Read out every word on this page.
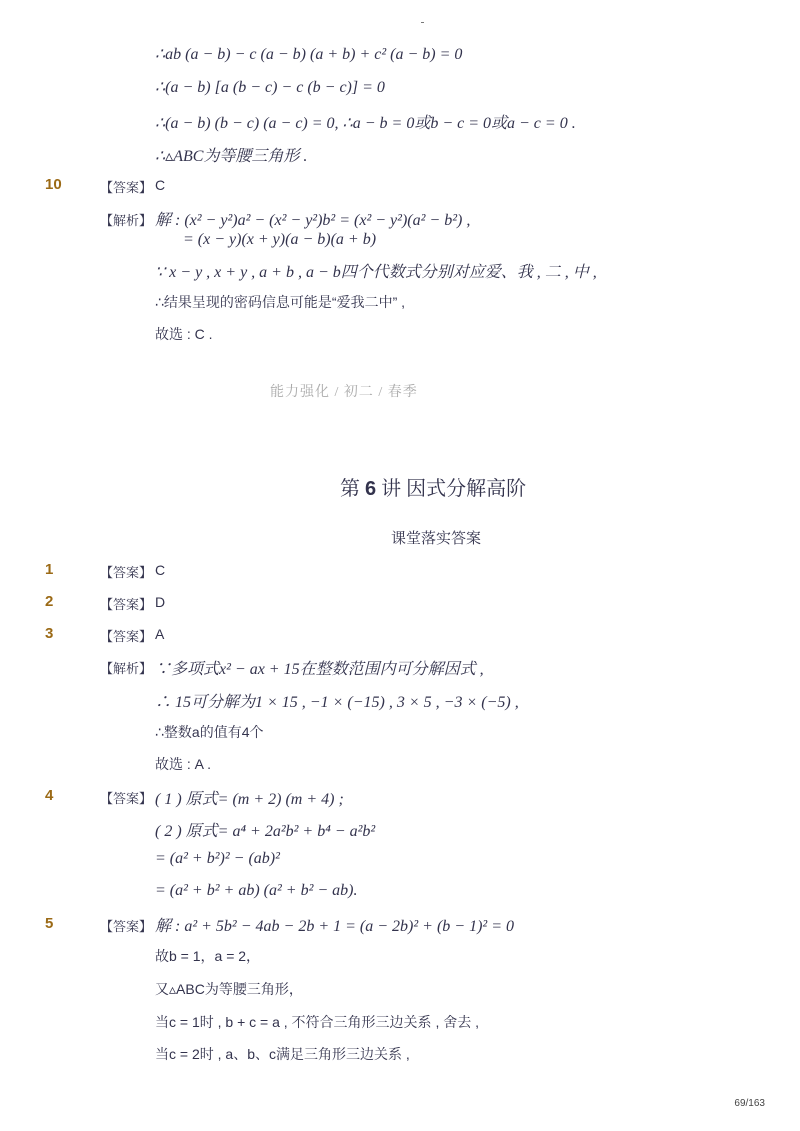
∴ab (a − b) − c (a − b) (a + b) + c² (a − b) = 0
∴(a − b) [a (b − c) − c (b − c)] = 0
∴(a − b) (b − c) (a − c) = 0, ∴a − b = 0或b − c = 0或a − c = 0 .
∴▵ABC为等腰三角形 .
10	【答案】 C
【解析】 解 : (x² − y²)a² − (x² − y²)b² = (x² − y²)(a² − b²) ,
= (x − y)(x + y)(a − b)(a + b)
∵ x − y , x + y , a + b , a − b四个代数式分别对应爱、我 , 二 , 中 ,
∴结果呈现的密码信息可能是“爱我二中” ,
故选 : C .
能力强化 / 初二 / 春季
第 6 讲 因式分解高阶
课堂落实答案
1	【答案】 C
2	【答案】 D
3	【答案】 A
【解析】 ∵多项式x² − ax + 15在整数范围内可分解因式 ,
∴ 15可分解为1 × 15 , −1 × (−15) , 3 × 5 , −3 × (−5) ,
∴整数a的值有4个
故选 : A .
4	【答案】 ( 1 ) 原式= (m + 2) (m + 4) ;
( 2 ) 原式= a⁴ + 2a²b² + b⁴ − a²b²
= (a² + b²)² − (ab)²
= (a² + b² + ab) (a² + b² − ab).
5	【答案】 解 : a² + 5b² − 4ab − 2b + 1 = (a − 2b)² + (b − 1)² = 0
故b = 1，a = 2，
又▵ABC为等腰三角形，
当c = 1时 , b + c = a , 不符合三角形三边关系 , 舍去 ,
当c = 2时 , a、b、c满足三角形三边关系 ,
69/163
